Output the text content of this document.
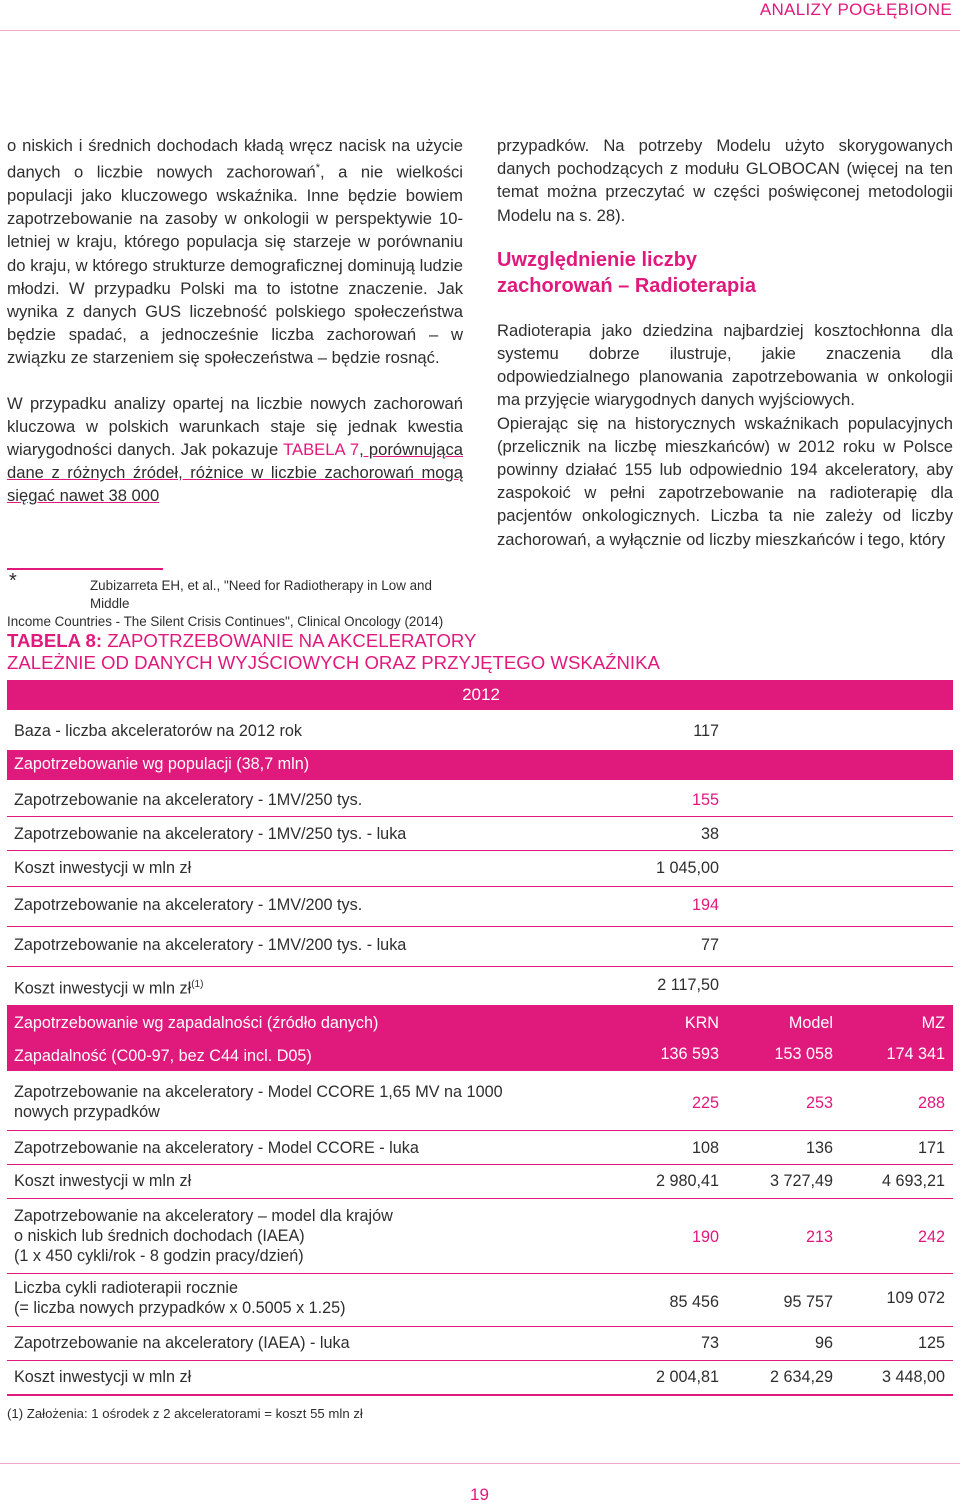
ANALIZY POGŁĘBIONE

o niskich i średnich dochodach kładą wręcz nacisk na użycie danych o liczbie nowych zachorowań*, a nie wielkości populacji jako kluczowego wskaźnika. Inne będzie bowiem zapotrzebowanie na zasoby w onkologii w perspektywie 10-letniej w kraju, którego populacja się starzeje w porównaniu do kraju, w którego strukturze demograficznej dominują ludzie młodzi. W przypadku Polski ma to istotne znaczenie. Jak wynika z danych GUS liczebność polskiego społeczeństwa będzie spadać, a jednocześnie liczba zachorowań – w związku ze starzeniem się społeczeństwa – będzie rosnąć.

W przypadku analizy opartej na liczbie nowych zachorowań kluczowa w polskich warunkach staje się jednak kwestia wiarygodności danych. Jak pokazuje TABELA 7, porównująca dane z różnych źródeł, różnice w liczbie zachorowań mogą sięgać nawet 38 000

*	Zubizarreta EH, et al., "Need for Radiotherapy in Low and Middle
Income Countries - The Silent Crisis Continues", Clinical Oncology (2014)

przypadków. Na potrzeby Modelu użyto skorygowanych danych pochodzących z modułu GLOBOCAN (więcej na ten temat można przeczytać w części poświęconej metodologii Modelu na s. 28).

Uwzględnienie liczby
zachorowań – Radioterapia

Radioterapia jako dziedzina najbardziej kosztochłonna dla systemu dobrze ilustruje, jakie znaczenia dla odpowiedzialnego planowania zapotrzebowania w onkologii ma przyjęcie wiarygodnych danych wyjściowych.

Opierając się na historycznych wskaźnikach populacyjnych (przelicznik na liczbę mieszkańców) w 2012 roku w Polsce powinny działać 155 lub odpowiednio 194 akceleratory, aby zaspokoić w pełni zapotrzebowanie na radioterapię dla pacjentów onkologicznych. Liczba ta nie zależy od liczby zachorowań, a wyłącznie od liczby mieszkańców i tego, który

TABELA 8: ZAPOTRZEBOWANIE NA AKCELERATORY
ZALEŻNIE OD DANYCH WYJŚCIOWYCH ORAZ PRZYJĘTEGO WSKAŹNIKA
2012
Baza - liczba akceleratorów na 2012 rok	117
Zapotrzebowanie wg populacji (38,7 mln)
Zapotrzebowanie na akceleratory - 1MV/250 tys.	155
Zapotrzebowanie na akceleratory - 1MV/250 tys. - luka	38
Koszt inwestycji w mln zł	1 045,00
Zapotrzebowanie na akceleratory - 1MV/200 tys.	194
Zapotrzebowanie na akceleratory - 1MV/200 tys. - luka	77
Koszt inwestycji w mln $zł^{(1)}$	2 117,50
Zapotrzebowanie wg zapadalności (źródło danych)	KRN	Model	MZ
Zapadalność (C00-97, bez C44 incl. D05)	136 593	153 058	174 341
Zapotrzebowanie na akceleratory - Model CCORE 1,65 MV na 1000
nowych przypadków	225	253	288
Zapotrzebowanie na akceleratory - Model CCORE - luka	108	136	171
Koszt inwestycji w mln zł	2 980,41	3 727,49	4 693,21
Zapotrzebowanie na akceleratory – model dla krajów
o niskich lub średnich dochodach (IAEA)
(1 x 450 cykli/rok - 8 godzin pracy/dzień)
190	213	242
Liczba cykli radioterapii rocznie
(= liczba nowych przypadków x 0.5005 x 1.25)	85 456	95 757	109 072
Zapotrzebowanie na akceleratory (IAEA) - luka	73	96	125
Koszt inwestycji w mln zł	2 004,81	2 634,29	3 448,00
(1) Założenia: 1 ośrodek z 2 akceleratorami = koszt 55 mln zł
19
